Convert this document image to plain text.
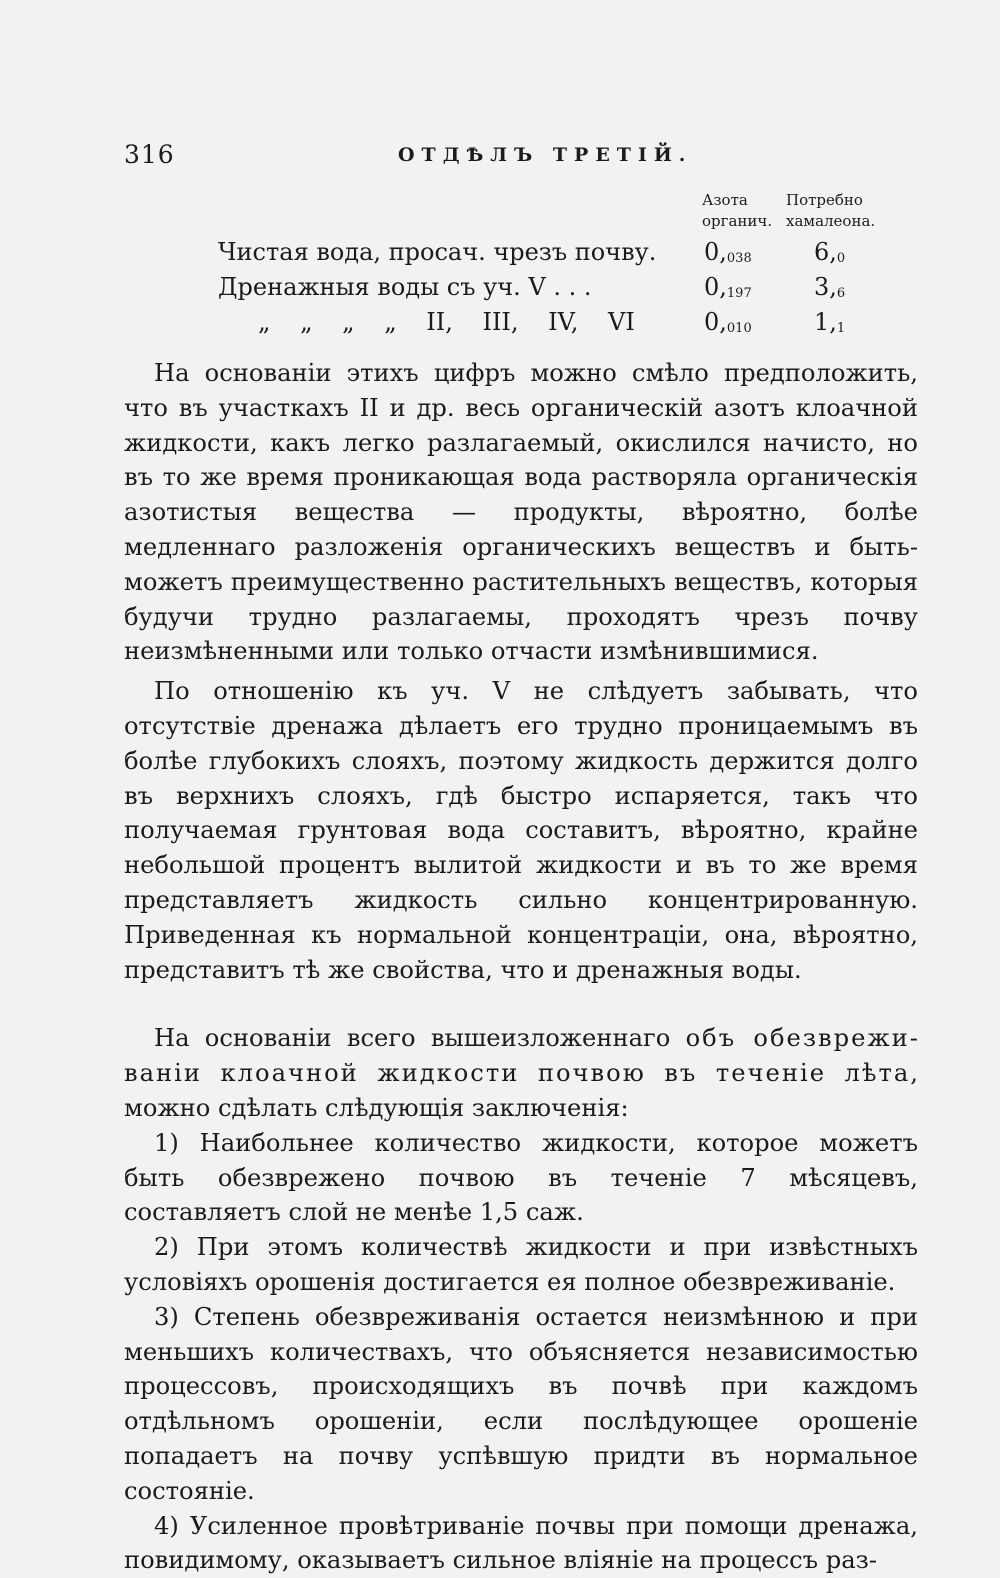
316	ОТДѢЛЪ ТРЕТІЙ.
Азота
органич.
Потребно
хамалеона.
Чистая вода, просач. чрезъ почву. $0,_{038}$	$6,_0$
Дренажныя воды съ уч. V . . .	$0,_{197}$	$3,_6$
„ „ „ „ II, III, IV, VI	$0,_{010}$	$1,_1$

На основаніи этихъ цифръ можно смѣло предположить, что въ участкахъ II и др. весь органическій азотъ клоачной жидкости, какъ легко разлагаемый, окислился начисто, но въ то же время проникающая вода растворяла органическія азотистыя вещества — продукты, вѣроятно, болѣе медленнаго разложенія органическихъ веществъ и быть-можетъ преимущественно растительныхъ веществъ, которыя будучи трудно разлагаемы, проходятъ чрезъ почву неизмѣненными или только отчасти измѣнившимися.

По отношенію къ уч. V не слѣдуетъ забывать, что отсутствіе дренажа дѣлаетъ его трудно проницаемымъ въ болѣе глубокихъ слояхъ, поэтому жидкость держится долго въ верхнихъ слояхъ, гдѣ быстро испаряется, такъ что получаемая грунтовая вода составитъ, вѣроятно, крайне небольшой процентъ вылитой жидкости и въ то же время представляетъ жидкость сильно концентрированную. Приведенная къ нормальной концентраціи, она, вѣроятно, представитъ тѣ же свойства, что и дренажныя воды.

На основаніи всего вышеизложеннаго объ обезвреживаніи клоачной жидкости почвою въ теченіе лѣта, можно сдѣлать слѣдующія заключенія:

1) Наибольнее количество жидкости, которое можетъ быть обезврежено почвою въ теченіе 7 мѣсяцевъ, составляетъ слой не менѣе 1,5 саж.

2) При этомъ количествѣ жидкости и при извѣстныхъ условіяхъ орошенія достигается ея полное обезвреживаніе.

3) Степень обезвреживанія остается неизмѣнною и при меньшихъ количествахъ, что объясняется независимостью процессовъ, происходящихъ въ почвѣ при каждомъ отдѣльномъ орошеніи, если послѣдующее орошеніе попадаетъ на почву успѣвшую придти въ нормальное состояніе.

4) Усиленное провѣтриваніе почвы при помощи дренажа, повидимому, оказываетъ сильное вліяніе на процессъ раз-
